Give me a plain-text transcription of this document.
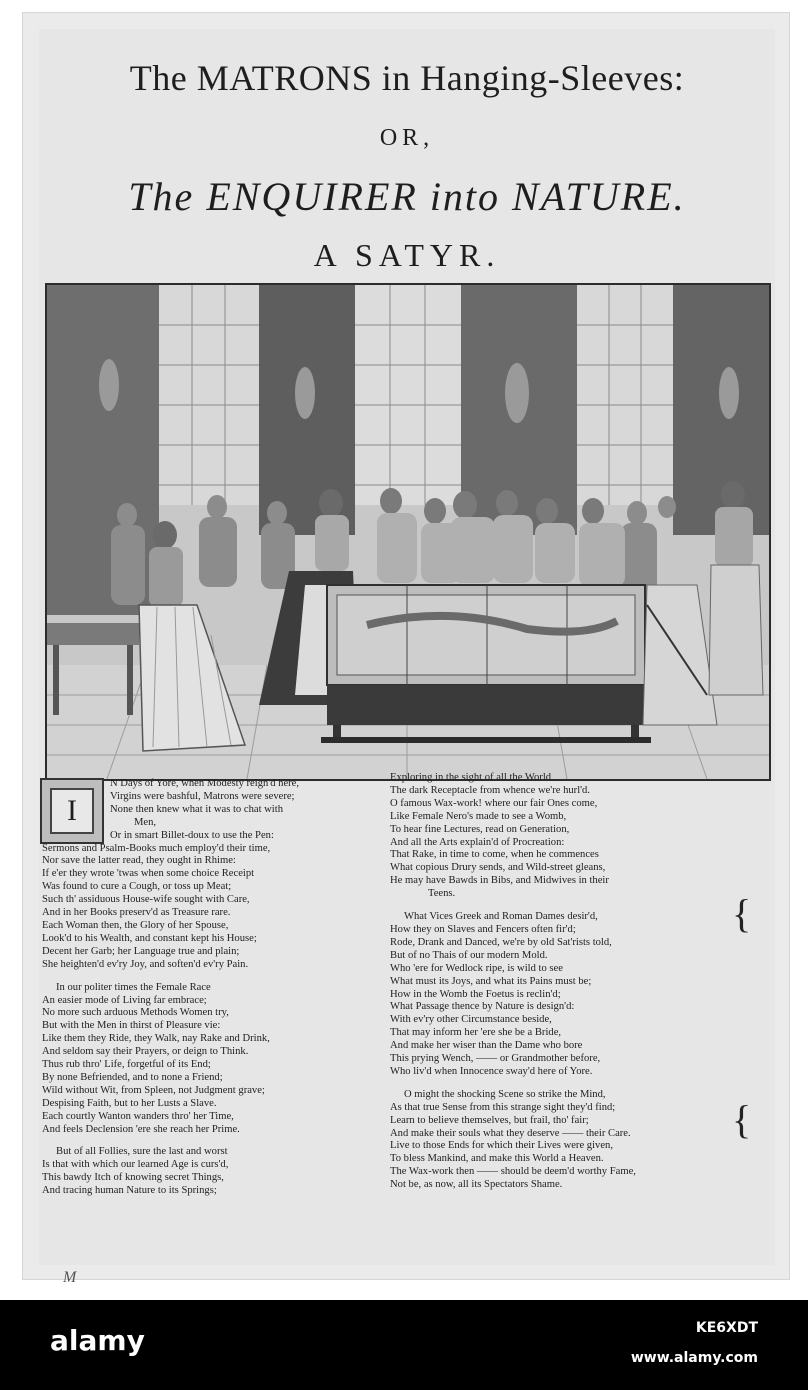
The MATRONS in Hanging-Sleeves:
OR,
The ENQUIRER into NATURE.
A SATYR.
M
I
N Days of Yore, when Modesty reign'd here,
Virgins were bashful, Matrons were severe;
None then knew what it was to chat with
Men,
Or in smart Billet-doux to use the Pen:
Sermons and Psalm-Books much employ'd their time,
Nor save the latter read, they ought in Rhime:
If e'er they wrote 'twas when some choice Receipt
Was found to cure a Cough, or toss up Meat;
Such th' assiduous House-wife sought with Care,
And in her Books preserv'd as Treasure rare.
Each Woman then, the Glory of her Spouse,
Look'd to his Wealth, and constant kept his House;
Decent her Garb; her Language true and plain;
She heighten'd ev'ry Joy, and soften'd ev'ry Pain.
In our politer times the Female Race
An easier mode of Living far embrace;
No more such arduous Methods Women try,
But with the Men in thirst of Pleasure vie:
Like them they Ride, they Walk, nay Rake and Drink,
And seldom say their Prayers, or deign to Think.
Thus rub thro' Life, forgetful of its End;
By none Befriended, and to none a Friend;
Wild without Wit, from Spleen, not Judgment grave;
Despising Faith, but to her Lusts a Slave.
Each courtly Wanton wanders thro' her Time,
And feels Declension 'ere she reach her Prime.
But of all Follies, sure the last and worst
Is that with which our learned Age is curs'd,
This bawdy Itch of knowing secret Things,
And tracing human Nature to its Springs;
Exploring in the sight of all the World
The dark Receptacle from whence we're hurl'd.
O famous Wax-work! where our fair Ones come,
Like Female Nero's made to see a Womb,
To hear fine Lectures, read on Generation,
And all the Arts explain'd of Procreation:
That Rake, in time to come, when he commences
What copious Drury sends, and Wild-street gleans,
He may have Bawds in Bibs, and Midwives in their
Teens.
What Vices Greek and Roman Dames desir'd,
How they on Slaves and Fencers often fir'd;
Rode, Drank and Danced, we're by old Sat'rists told,
But of no Thais of our modern Mold.
Who 'ere for Wedlock ripe, is wild to see
What must its Joys, and what its Pains must be;
How in the Womb the Foetus is reclin'd;
What Passage thence by Nature is design'd:
With ev'ry other Circumstance beside,
That may inform her 'ere she be a Bride,
And make her wiser than the Dame who bore
This prying Wench, —— or Grandmother before,
Who liv'd when Innocence sway'd here of Yore.
O might the shocking Scene so strike the Mind,
As that true Sense from this strange sight they'd find;
Learn to believe themselves, but frail, tho' fair;
And make their souls what they deserve —— their Care.
Live to those Ends for which their Lives were given,
To bless Mankind, and make this World a Heaven.
The Wax-work then —— should be deem'd worthy Fame,
Not be, as now, all its Spectators Shame.
{
{
alamy	KE6XDT
www.alamy.com
